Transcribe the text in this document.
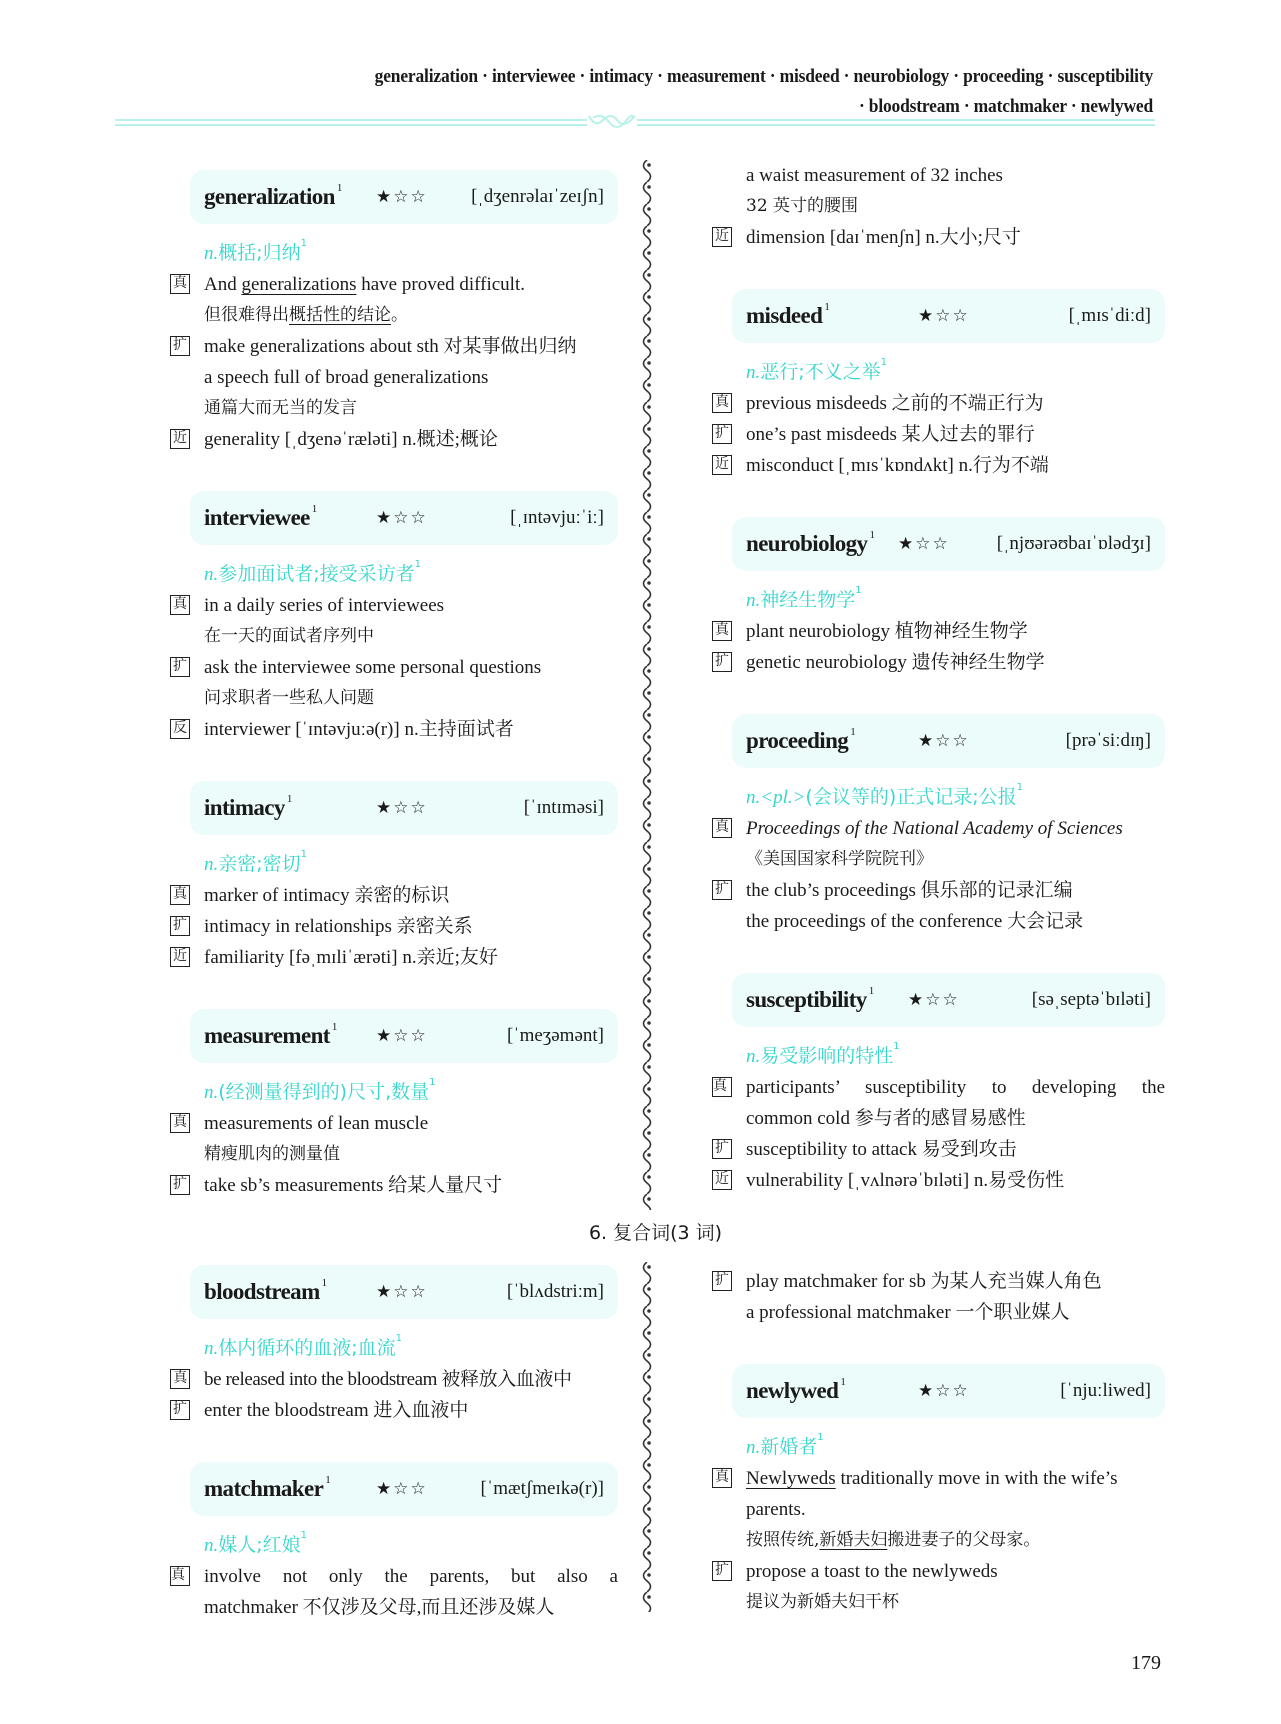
generalization · interviewee · intimacy · measurement · misdeed · neurobiology · proceeding · susceptibility
· bloodstream · matchmaker · newlywed
generalization $^1$ ★☆☆ [ˌdʒenrəlaɪˈzeɪʃn]
n.概括;归纳$^1$
真 And generalizations have proved difficult.
但很难得出概括性的结论。
扩 make generalizations about sth 对某事做出归纳
a speech full of broad generalizations
通篇大而无当的发言
近 generality [ˌdʒenəˈræləti] n.概述;概论
interviewee $^1$	★☆☆	[ˌɪntəvjuːˈiː]
n.参加面试者;接受采访者$^1$
真 in a daily series of interviewees
在一天的面试者序列中
扩 ask the interviewee some personal questions
问求职者一些私人问题
反 interviewer [ˈɪntəvjuːə(r)] n.主持面试者
intimacy $^1$	★☆☆	[ˈɪntɪməsi]
n.亲密;密切$^1$
真 marker of intimacy 亲密的标识
扩 intimacy in relationships 亲密关系
近 familiarity [fəˌmɪliˈærəti] n.亲近;友好
measurement $^1$ ★☆☆	[ˈmeʒəmənt]
n.(经测量得到的)尺寸,数量$^1$
真 measurements of lean muscle
精瘦肌肉的测量值
扩 take sb’s measurements 给某人量尺寸
a waist measurement of 32 inches
32 英寸的腰围
近 dimension [daɪˈmenʃn] n.大小;尺寸
misdeed $^1$	★☆☆	[ˌmɪsˈdiːd]
n.恶行;不义之举$^1$
真 previous misdeeds 之前的不端正行为
扩 one’s past misdeeds 某人过去的罪行
近 misconduct [ˌmɪsˈkɒndʌkt] n.行为不端
neurobiology $^1$ ★☆☆ [ˌnjʊərəʊbaɪˈɒlədʒɪ]
n.神经生物学$^1$
真 plant neurobiology 植物神经生物学
扩 genetic neurobiology 遗传神经生物学
proceeding $^1$	★☆☆	[prəˈsiːdɪŋ]
n.<pl.>(会议等的)正式记录;公报$^1$
真 Proceedings of the National Academy of Sciences
《美国国家科学院院刊》
扩 the club’s proceedings 俱乐部的记录汇编
the proceedings of the conference 大会记录
susceptibility $^1$ ★☆☆	[səˌseptəˈbɪləti]
n.易受影响的特性$^1$
真 participants’ susceptibility to developing the
common cold 参与者的感冒易感性
扩 susceptibility to attack 易受到攻击
近 vulnerability [ˌvʌlnərəˈbɪləti] n.易受伤性
6. 复合词(3 词)
bloodstream $^1$	★☆☆	[ˈblʌdstriːm]
n.体内循环的血液;血流$^1$
真 be released into the bloodstream 被释放入血液中
扩 enter the bloodstream 进入血液中
matchmaker $^1$	★☆☆	[ˈmætʃmeɪkə(r)]
n.媒人;红娘$^1$
真 involve not only the parents, but also a
matchmaker 不仅涉及父母,而且还涉及媒人
扩 play matchmaker for sb 为某人充当媒人角色
a professional matchmaker 一个职业媒人
newlywed $^1$	★☆☆	[ˈnjuːliwed]
n.新婚者$^1$
真 Newlyweds traditionally move in with the wife’s
parents.
按照传统,新婚夫妇搬进妻子的父母家。
扩 propose a toast to the newlyweds
提议为新婚夫妇干杯
179
